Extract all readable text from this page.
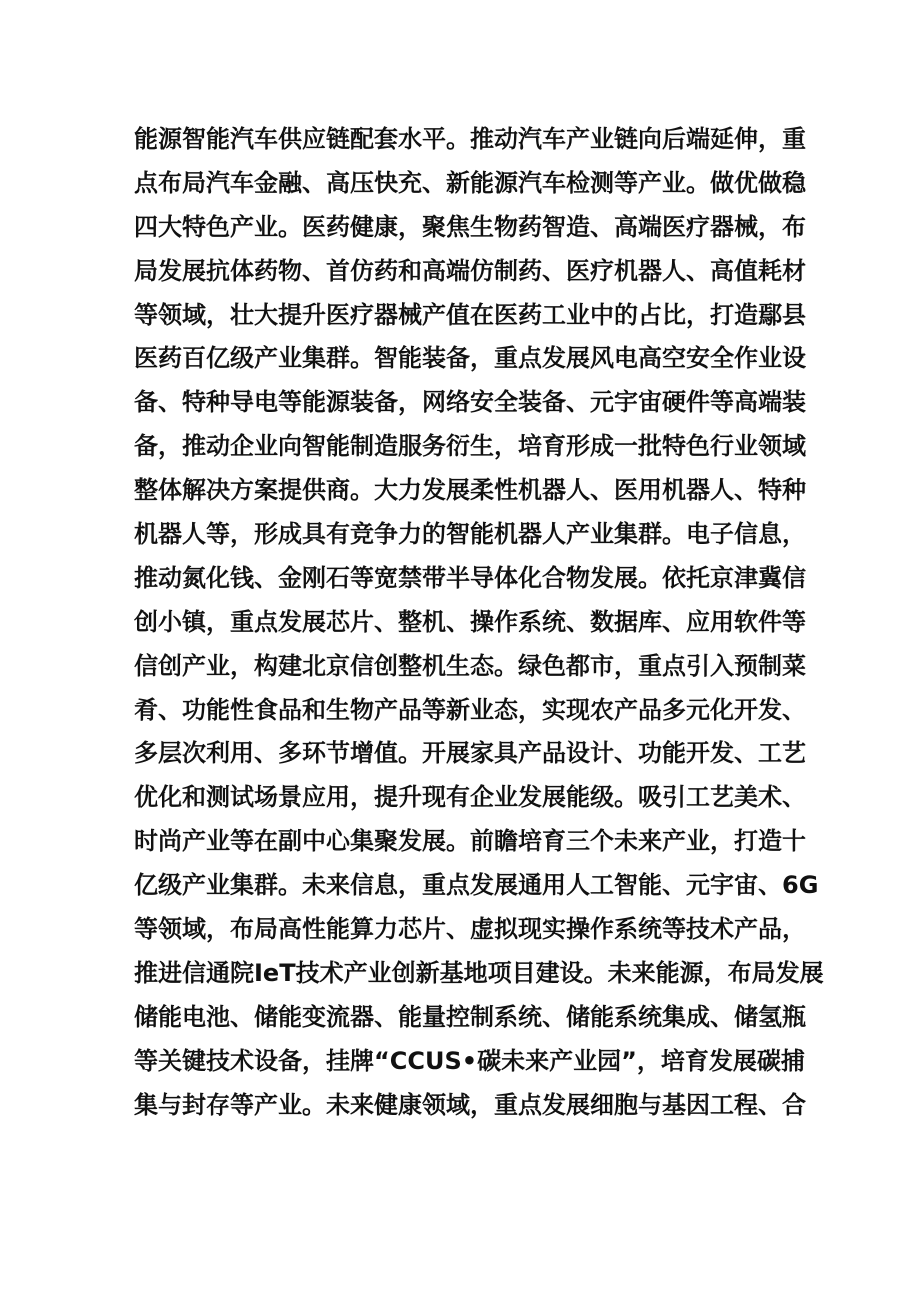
能源智能汽车供应链配套水平。推动汽车产业链向后端延伸，重
点布局汽车金融、高压快充、新能源汽车检测等产业。做优做稳
四大特色产业。医药健康，聚焦生物药智造、高端医疗器械，布
局发展抗体药物、首仿药和高端仿制药、医疗机器人、高值耗材
等领域，壮大提升医疗器械产值在医药工业中的占比，打造鄢县
医药百亿级产业集群。智能装备，重点发展风电高空安全作业设
备、特种导电等能源装备，网络安全装备、元宇宙硬件等高端装
备，推动企业向智能制造服务衍生，培育形成一批特色行业领域
整体解决方案提供商。大力发展柔性机器人、医用机器人、特种
机器人等，形成具有竞争力的智能机器人产业集群。电子信息，
推动氮化钱、金刚石等宽禁带半导体化合物发展。依托京津冀信
创小镇，重点发展芯片、整机、操作系统、数据库、应用软件等
信创产业，构建北京信创整机生态。绿色都市，重点引入预制菜
肴、功能性食品和生物产品等新业态，实现农产品多元化开发、
多层次利用、多环节增值。开展家具产品设计、功能开发、工艺
优化和测试场景应用，提升现有企业发展能级。吸引工艺美术、
时尚产业等在副中心集聚发展。前瞻培育三个未来产业，打造十
亿级产业集群。未来信息，重点发展通用人工智能、元宇宙、6G
等领域，布局高性能算力芯片、虚拟现实操作系统等技术产品，
推进信通院IeT技术产业创新基地项目建设。未来能源，布局发展
储能电池、储能变流器、能量控制系统、储能系统集成、储氢瓶
等关键技术设备，挂牌“CCUS•碳未来产业园”，培育发展碳捕
集与封存等产业。未来健康领域，重点发展细胞与基因工程、合
